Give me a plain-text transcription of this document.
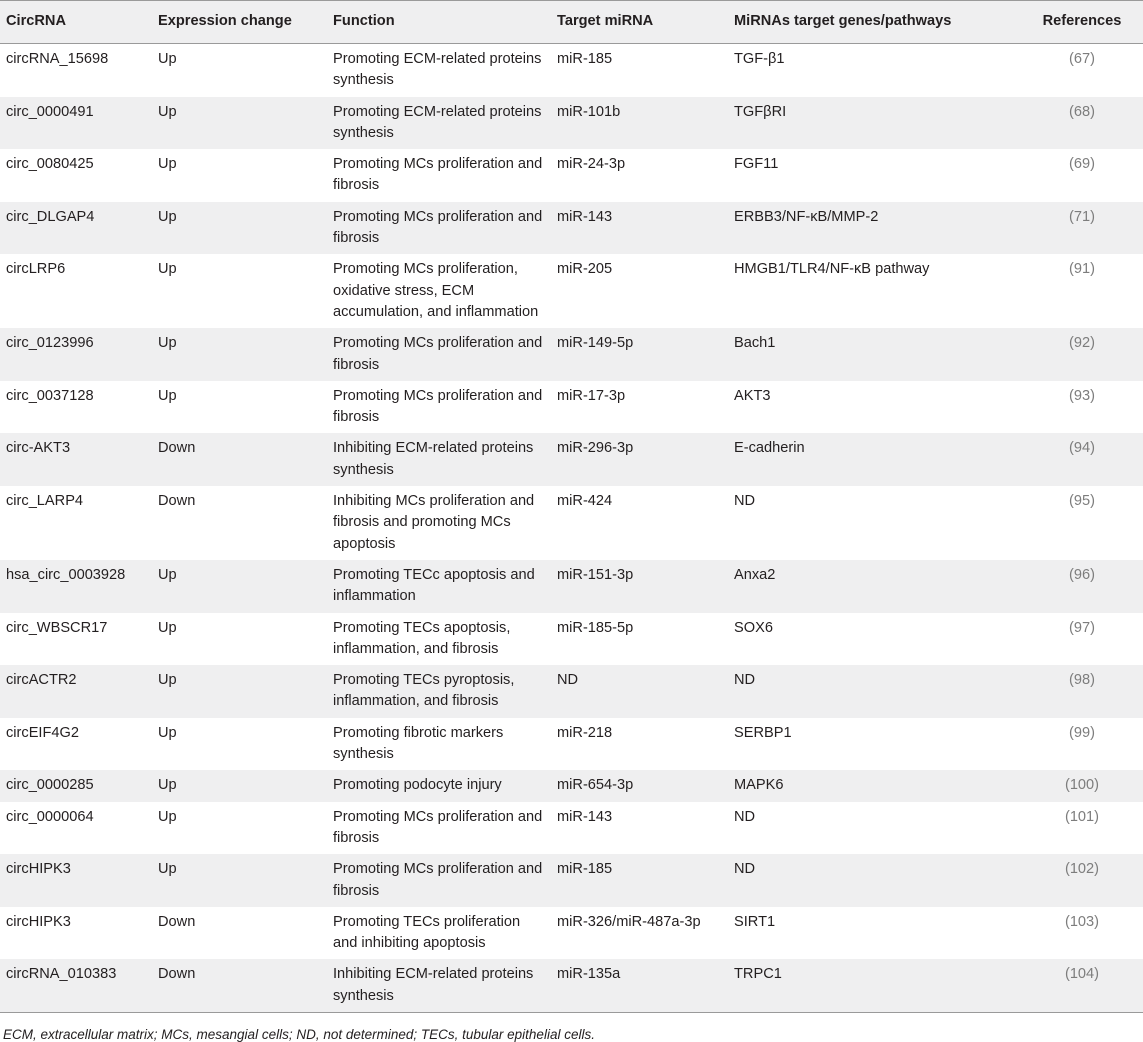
CircRNA	Expression change	Function	Target miRNA	MiRNAs target genes/pathways	References
circRNA_15698	Up	Promoting ECM-related proteins synthesis	miR-185	TGF-β1	(67)
circ_0000491	Up	Promoting ECM-related proteins synthesis	miR-101b	TGFβRI	(68)
circ_0080425	Up	Promoting MCs proliferation and fibrosis	miR-24-3p	FGF11	(69)
circ_DLGAP4	Up	Promoting MCs proliferation and fibrosis	miR-143	ERBB3/NF-κB/MMP-2	(71)
circLRP6	Up	Promoting MCs proliferation, oxidative stress, ECM accumulation, and inflammation	miR-205	HMGB1/TLR4/NF-κB pathway	(91)
circ_0123996	Up	Promoting MCs proliferation and fibrosis	miR-149-5p	Bach1	(92)
circ_0037128	Up	Promoting MCs proliferation and fibrosis	miR-17-3p	AKT3	(93)
circ-AKT3	Down	Inhibiting ECM-related proteins synthesis	miR-296-3p	E-cadherin	(94)
circ_LARP4	Down	Inhibiting MCs proliferation and fibrosis and promoting MCs apoptosis	miR-424	ND	(95)
hsa_circ_0003928	Up	Promoting TECc apoptosis and inflammation	miR-151-3p	Anxa2	(96)
circ_WBSCR17	Up	Promoting TECs apoptosis, inflammation, and fibrosis	miR-185-5p	SOX6	(97)
circACTR2	Up	Promoting TECs pyroptosis, inflammation, and fibrosis	ND	ND	(98)
circEIF4G2	Up	Promoting fibrotic markers synthesis	miR-218	SERBP1	(99)
circ_0000285	Up	Promoting podocyte injury	miR-654-3p	MAPK6	(100)
circ_0000064	Up	Promoting MCs proliferation and fibrosis	miR-143	ND	(101)
circHIPK3	Up	Promoting MCs proliferation and fibrosis	miR-185	ND	(102)
circHIPK3	Down	Promoting TECs proliferation and inhibiting apoptosis	miR-326/miR-487a-3p	SIRT1	(103)
circRNA_010383	Down	Inhibiting ECM-related proteins synthesis	miR-135a	TRPC1	(104)
ECM, extracellular matrix; MCs, mesangial cells; ND, not determined; TECs, tubular epithelial cells.
